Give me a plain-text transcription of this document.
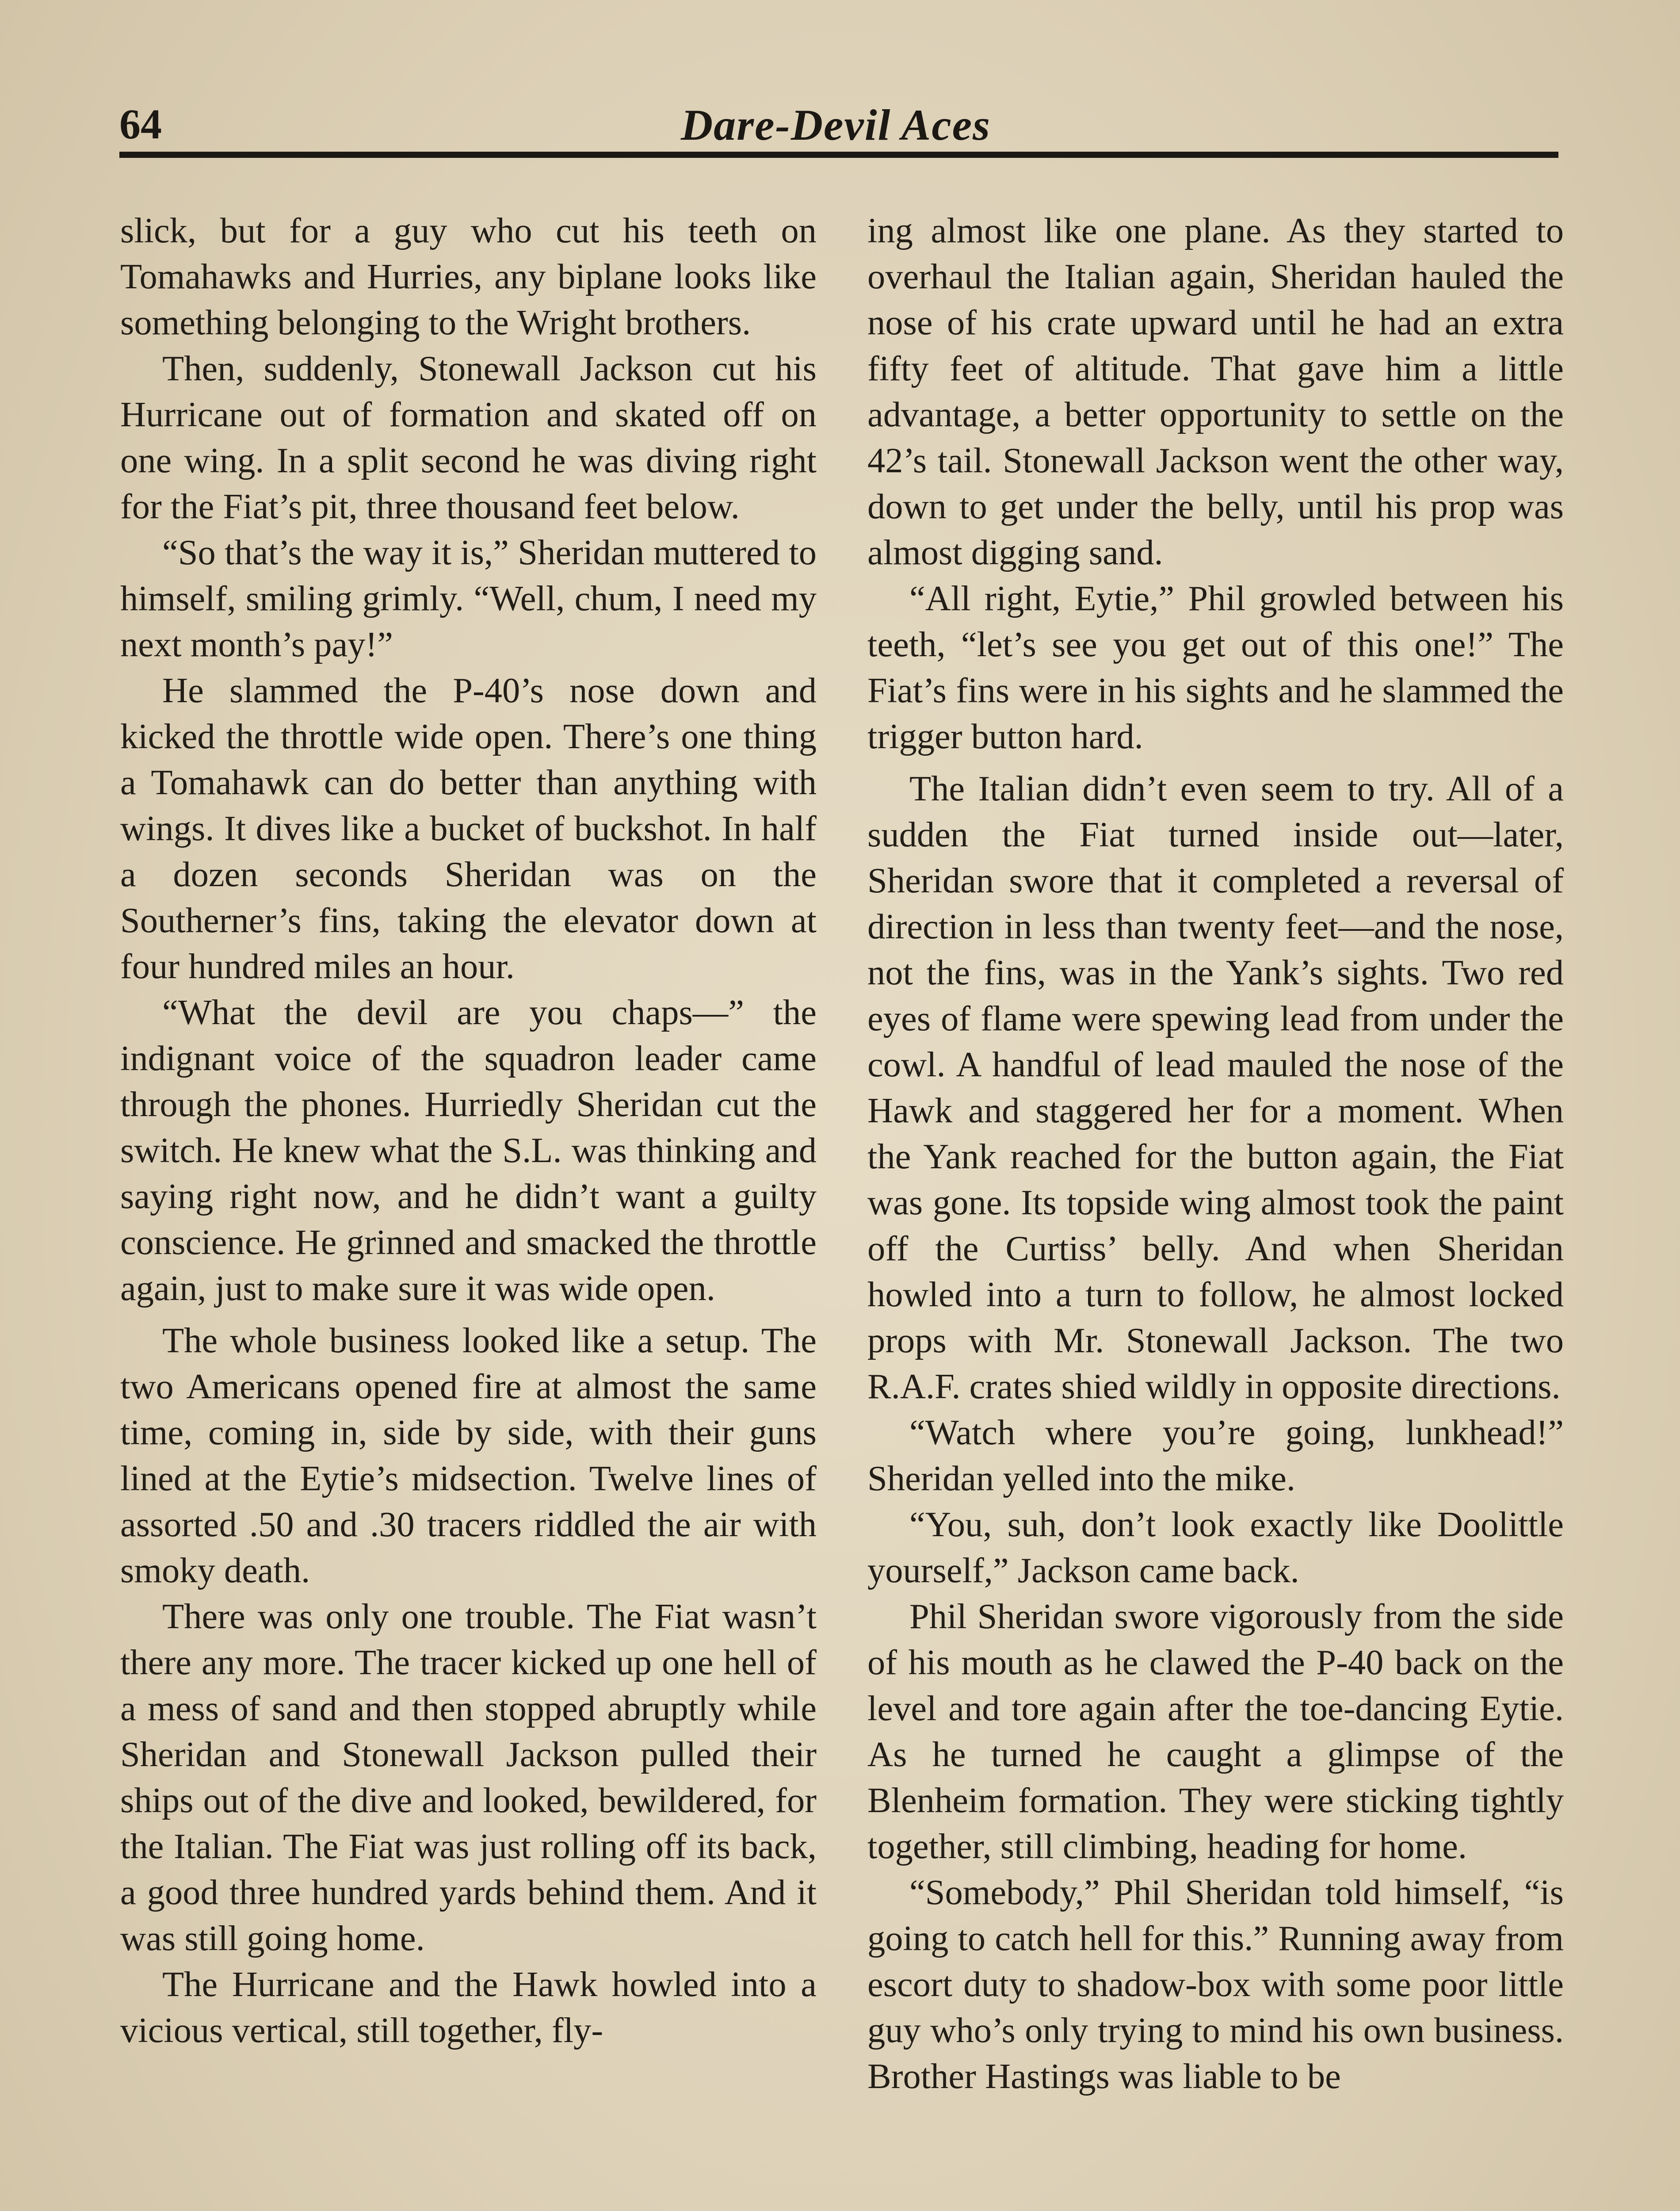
64	Dare-Devil Aces

slick, but for a guy who cut his teeth on Tomahawks and Hurries, any biplane looks like something belonging to the Wright brothers.

Then, suddenly, Stonewall Jackson cut his Hurricane out of formation and skated off on one wing. In a split second he was diving right for the Fiat’s pit, three thousand feet below.

“So that’s the way it is,” Sheridan muttered to himself, smiling grimly. “Well, chum, I need my next month’s pay!”

He slammed the P-40’s nose down and kicked the throttle wide open. There’s one thing a Tomahawk can do better than anything with wings. It dives like a bucket of buckshot. In half a dozen seconds Sheridan was on the Southerner’s fins, taking the elevator down at four hundred miles an hour.

“What the devil are you chaps—” the indignant voice of the squadron leader came through the phones. Hurriedly Sheridan cut the switch. He knew what the S.L. was thinking and saying right now, and he didn’t want a guilty conscience. He grinned and smacked the throttle again, just to make sure it was wide open.

The whole business looked like a setup. The two Americans opened fire at almost the same time, coming in, side by side, with their guns lined at the Eytie’s midsection. Twelve lines of assorted .50 and .30 tracers riddled the air with smoky death.

There was only one trouble. The Fiat wasn’t there any more. The tracer kicked up one hell of a mess of sand and then stopped abruptly while Sheridan and Stonewall Jackson pulled their ships out of the dive and looked, bewildered, for the Italian. The Fiat was just rolling off its back, a good three hundred yards behind them. And it was still going home.

The Hurricane and the Hawk howled into a vicious vertical, still together, fly-

ing almost like one plane. As they started to overhaul the Italian again, Sheridan hauled the nose of his crate upward until he had an extra fifty feet of altitude. That gave him a little advantage, a better opportunity to settle on the 42’s tail. Stonewall Jackson went the other way, down to get under the belly, until his prop was almost digging sand.

“All right, Eytie,” Phil growled between his teeth, “let’s see you get out of this one!” The Fiat’s fins were in his sights and he slammed the trigger button hard.

The Italian didn’t even seem to try. All of a sudden the Fiat turned inside out—later, Sheridan swore that it completed a reversal of direction in less than twenty feet—and the nose, not the fins, was in the Yank’s sights. Two red eyes of flame were spewing lead from under the cowl. A handful of lead mauled the nose of the Hawk and staggered her for a moment. When the Yank reached for the button again, the Fiat was gone. Its topside wing almost took the paint off the Curtiss’ belly. And when Sheridan howled into a turn to follow, he almost locked props with Mr. Stonewall Jackson. The two R.A.F. crates shied wildly in opposite directions.

“Watch where you’re going, lunkhead!” Sheridan yelled into the mike.

“You, suh, don’t look exactly like Doolittle yourself,” Jackson came back.

Phil Sheridan swore vigorously from the side of his mouth as he clawed the P-40 back on the level and tore again after the toe-dancing Eytie. As he turned he caught a glimpse of the Blenheim formation. They were sticking tightly together, still climbing, heading for home.

“Somebody,” Phil Sheridan told himself, “is going to catch hell for this.” Running away from escort duty to shadow-box with some poor little guy who’s only trying to mind his own business. Brother Hastings was liable to be
